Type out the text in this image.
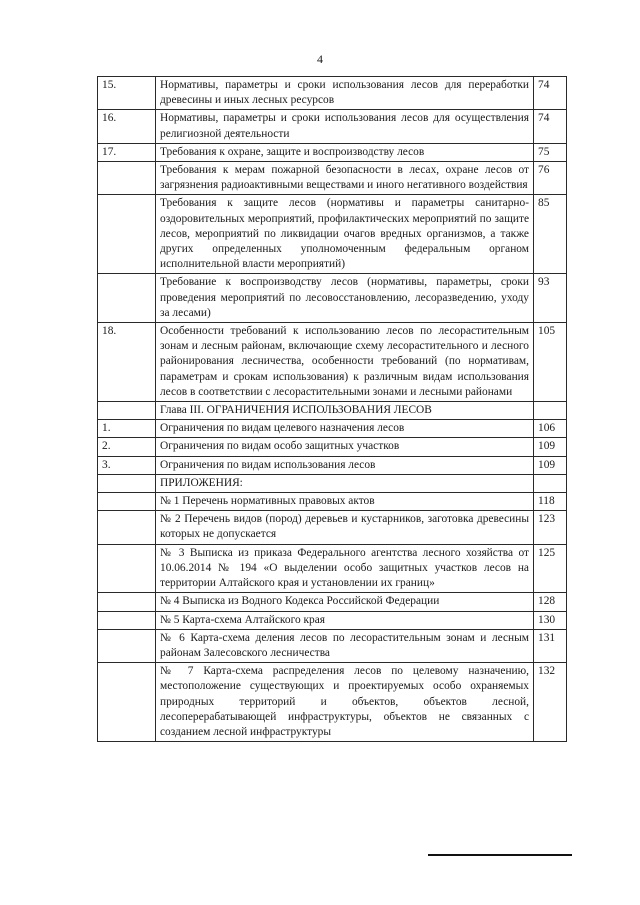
4
15.	Нормативы, параметры и сроки использования лесов для переработки древесины и иных лесных ресурсов	74
16.	Нормативы, параметры и сроки использования лесов для осуществления религиозной деятельности	74
17.	Требования к охране, защите и воспроизводству лесов	75
	Требования к мерам пожарной безопасности в лесах, охране лесов от загрязнения радиоактивными веществами и иного негативного воздействия	76
	Требования к защите лесов (нормативы и параметры санитарно-оздоровительных мероприятий, профилактических мероприятий по защите лесов, мероприятий по ликвидации очагов вредных организмов, а также других определенных уполномоченным федеральным органом исполнительной власти мероприятий)	85
	Требование к воспроизводству лесов (нормативы, параметры, сроки проведения мероприятий по лесовосстановлению, лесоразведению, уходу за лесами)	93
18.	Особенности требований к использованию лесов по лесорастительным зонам и лесным районам, включающие схему лесорастительного и лесного районирования лесничества, особенности требований (по нормативам, параметрам и срокам использования) к различным видам использования лесов в соответствии с лесорастительными зонами и лесными районами	105
	Глава III. ОГРАНИЧЕНИЯ ИСПОЛЬЗОВАНИЯ ЛЕСОВ	
1.	Ограничения по видам целевого назначения лесов	106
2.	Ограничения по видам особо защитных участков	109
3.	Ограничения по видам использования лесов	109
	ПРИЛОЖЕНИЯ:	
	№ 1 Перечень нормативных правовых актов	118
	№ 2 Перечень видов (пород) деревьев и кустарников, заготовка древесины которых не допускается	123
	№ 3 Выписка из приказа Федерального агентства лесного хозяйства от 10.06.2014 № 194 «О выделении особо защитных участков лесов на территории Алтайского края и установлении их границ»	125
	№ 4 Выписка из Водного Кодекса Российской Федерации	128
	№ 5 Карта-схема Алтайского края	130
	№ 6 Карта-схема деления лесов по лесорастительным зонам и лесным районам Залесовского лесничества	131
	№ 7 Карта-схема распределения лесов по целевому назначению, местоположение существующих и проектируемых особо охраняемых природных территорий и объектов, объектов лесной, лесоперерабатывающей инфраструктуры, объектов не связанных с созданием лесной инфраструктуры	132
